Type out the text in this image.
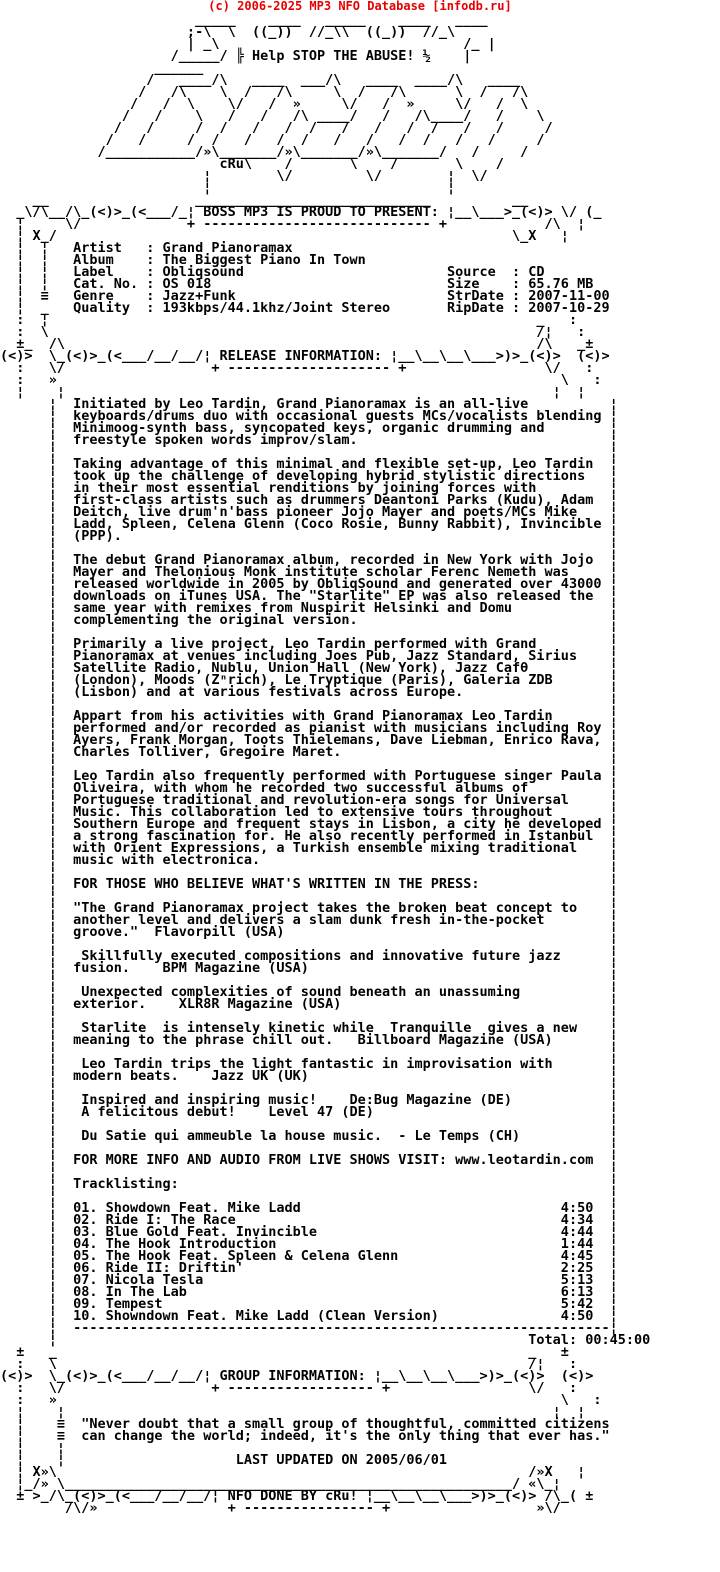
(c) 2006-2025 MP3 NFO Database [infodb.ru]
_____    ____   _____    ____   ____
;-\  \  ((_))  //_\\  ((_))  //_\
| _\                              /_ |
/_____/ ╠ Help STOP THE ABUSE! ½    |
______
/   ____/\   ____  ___/\   ____  ____/\   ____
/   /\    \  /   /\     \  /   /\      \  /   /\
/   /  \    \/   /  »     \/   /  »     \/   /  \
/   /    \   /   /   /\ ____/   /   /\____/   /    \
/   /     /  /   /   /  /   /   /   /  /   /   /     /
/   /     /  /   /   /  /   /   /   /  /   /   /     /
/___________/»\_______/»\_______/»\_______/   /     /
cRu\    /       \    /       \    /
¦        \/         \/        ¦  \/
¦                             ¦
__                  _____________________________          __
_\/\__/\_(<)>_(<___/_¦ BOSS MP3 IS PROUD TO PRESENT: ¦__\___>_(<)> \/ (_
¦     \/             + ---------------------------- +            /\  ¦
¦ X_/                                                        \_X   ¦
¦  ¦   Artist   : Grand Pianoramax
¦  ¦   Album    : The Biggest Piano In Town
¦  ¦   Label    : Obliqsound                         Source  : CD
¦  ¦   Cat. No. : OS 018                             Size    : 65.76 MB
¦  ≡   Genre    : Jazz+Funk                          StrDate : 2007-11-00
¦  _   Quality  : 193kbps/44.1khz/Joint Stereo       RipDate : 2007-10-29
:  ¦                                                            _   :
:  \                                                            /¦   :
±_  /\                                                          /\   _±
(<)>  \_(<)>_(<___/__/__/¦ RELEASE INFORMATION: ¦__\__\__\___>)>_(<)>  (<)>
:   \/                  + -------------------- +                 \/   :
:   »                                                              \   :
¦    ¦                                                            ¦  ¦
¦  Initiated by Leo Tardin, Grand Pianoramax is an all-live          ¦
¦  keyboards/drums duo with occasional guests MCs/vocalists blending ¦
¦  Minimoog-synth bass, syncopated keys, organic drumming and        ¦
¦  freestyle spoken words improv/slam.                               ¦
¦                                                                    ¦
¦  Taking advantage of this minimal and flexible set-up, Leo Tardin  ¦
¦  took up the challenge of developing hybrid stylistic directions   ¦
¦  in their most essential renditions by joining forces with         ¦
¦  first-class artists such as drummers Deantoni Parks (Kudu), Adam  ¦
¦  Deitch, live drum'n'bass pioneer Jojo Mayer and poets/MCs Mike    ¦
¦  Ladd, Spleen, Celena Glenn (Coco Rosie, Bunny Rabbit), Invincible ¦
¦  (PPP).                                                            ¦
¦                                                                    ¦
¦  The debut Grand Pianoramax album, recorded in New York with Jojo  ¦
¦  Mayer and Thelonious Monk institute scholar Ferenc Nemeth was     ¦
¦  released worldwide in 2005 by ObliqSound and generated over 43000 ¦
¦  downloads on iTunes USA. The "Starlite" EP was also released the  ¦
¦  same year with remixes from Nuspirit Helsinki and Domu            ¦
¦  complementing the original version.                               ¦
¦                                                                    ¦
¦  Primarily a live project, Leo Tardin performed with Grand         ¦
¦  Pianoramax at venues including Joes Pub, Jazz Standard, Sirius    ¦
¦  Satellite Radio, Nublu, Union Hall (New York), Jazz Cafθ          ¦
¦  (London), Moods (Zⁿrich), Le Tryptique (Paris), Galeria ZDB       ¦
¦  (Lisbon) and at various festivals across Europe.                  ¦
¦                                                                    ¦
¦  Appart from his activities with Grand Pianoramax Leo Tardin       ¦
¦  performed and/or recorded as pianist with musicians including Roy ¦
¦  Ayers, Frank Morgan, Toots Thielemans, Dave Liebman, Enrico Rava, ¦
¦  Charles Tolliver, Gregoire Maret.                                 ¦
¦                                                                    ¦
¦  Leo Tardin also frequently performed with Portuguese singer Paula ¦
¦  Oliveira, with whom he recorded two successful albums of          ¦
¦  Portuguese traditional and revolution-era songs for Universal     ¦
¦  Music. This collaboration led to extensive tours throughout       ¦
¦  Southern Europe and frequent stays in Lisbon, a city he developed ¦
¦  a strong fascination for. He also recently performed in Istanbul  ¦
¦  with Orient Expressions, a Turkish ensemble mixing traditional    ¦
¦  music with electronica.                                           ¦
¦                                                                    ¦
¦  FOR THOSE WHO BELIEVE WHAT'S WRITTEN IN THE PRESS:                ¦
¦                                                                    ¦
¦  "The Grand Pianoramax project takes the broken beat concept to    ¦
¦  another level and delivers a slam dunk fresh in-the-pocket        ¦
¦  groove."  Flavorpill (USA)                                        ¦
¦                                                                    ¦
¦   Skillfully executed compositions and innovative future jazz      ¦
¦  fusion.    BPM Magazine (USA)                                     ¦
¦                                                                    ¦
¦   Unexpected complexities of sound beneath an unassuming           ¦
¦  exterior.    XLR8R Magazine (USA)                                 ¦
¦                                                                    ¦
¦   Starlite  is intensely kinetic while  Tranquille  gives a new    ¦
¦  meaning to the phrase chill out.   Billboard Magazine (USA)       ¦
¦                                                                    ¦
¦   Leo Tardin trips the light fantastic in improvisation with       ¦
¦  modern beats.    Jazz UK (UK)                                     ¦
¦                                                                    ¦
¦   Inspired and inspiring music!    De:Bug Magazine (DE)            ¦
¦   A felicitous debut!    Level 47 (DE)                             ¦
¦                                                                    ¦
¦   Du Satie qui ammeuble la house music.  - Le Temps (CH)           ¦
¦                                                                    ¦
¦  FOR MORE INFO AND AUDIO FROM LIVE SHOWS VISIT: www.leotardin.com  ¦
¦                                                                    ¦
¦  Tracklisting:                                                     ¦
¦                                                                    ¦
¦  01. Showdown Feat. Mike Ladd                                4:50  ¦
¦  02. Ride I: The Race                                        4:34  ¦
¦  03. Blue Gold Feat. Invincible                              4:44  ¦
¦  04. The Hook Introduction                                   1:44  ¦
¦  05. The Hook Feat. Spleen & Celena Glenn                    4:45  ¦
¦  06. Ride II: Driftin'                                       2:25  ¦
¦  07. Nicola Tesla                                            5:13  ¦
¦  08. In The Lab                                              6:13  ¦
¦  09. Tempest                                                 5:42  ¦
¦  10. Showndown Feat. Mike Ladd (Clean Version)               4:50  ¦
¦  ------------------------------------------------------------------¦
¦                                                          Total: 00:45:00
±   _                                                          _   ±
:   \                                                          /¦   :
(<)>  \_(<)>_(<___/__/__/¦ GROUP INFORMATION: ¦__\__\__\___>)>_(<)>  (<)>
:   \/                  + ------------------ +                 \/   :
:   »                                                              \   :
¦    ¦                                                            ¦  ¦
¦    ≡  "Never doubt that a small group of thoughtful, committed citizens
¦    ≡  can change the world; indeed, it's the only thing that ever has."
¦    ¦
¦    ¦                     LAST UPDATED ON 2005/06/01
¦ X»\                                                          /»X   ¦
¦_/» \_______________________________________________________/ «\_¦
± >_/\_(<)>_(<___/__/__/¦ NFO DONE BY cRu! ¦__\__\__\___>)>_(<)> /\_( ±
/\/»                + ---------------- +                  »\/
